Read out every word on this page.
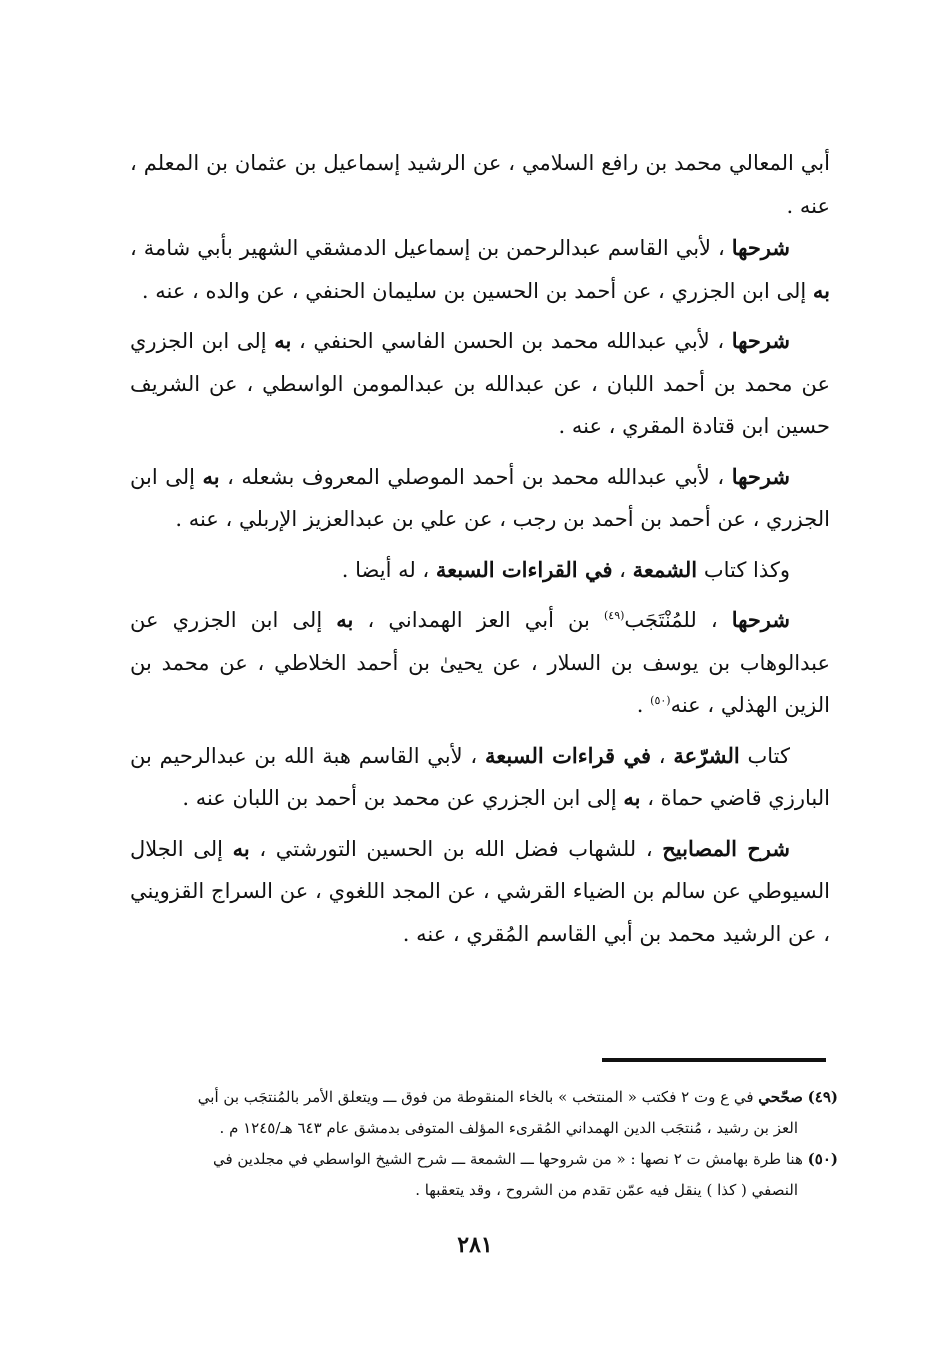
أبي المعالي محمد بن رافع السلامي ، عن الرشيد إسماعيل بن عثمان بن المعلم ، عنه .

شرحها ، لأبي القاسم عبدالرحمن بن إسماعيل الدمشقي الشهير بأبي شامة ، به إلى ابن الجزري ، عن أحمد بن الحسين بن سليمان الحنفي ، عن والده ، عنه .

شرحها ، لأبي عبدالله محمد بن الحسن الفاسي الحنفي ، به إلى ابن الجزري عن محمد بن أحمد اللبان ، عن عبدالله بن عبدالمومن الواسطي ، عن الشريف حسين ابن قتادة المقري ، عنه .

شرحها ، لأبي عبدالله محمد بن أحمد الموصلي المعروف بشعله ، به إلى ابن الجزري ، عن أحمد بن أحمد بن رجب ، عن علي بن عبدالعزيز الإربلي ، عنه .

وكذا كتاب الشمعة ، في القراءات السبعة ، له أيضا .

شرحها ، للمُنْتَجَب$^{(٤٩)}$ بن أبي العز الهمداني ، به إلى ابن الجزري عن عبدالوهاب بن يوسف بن السلار ، عن يحيىٰ بن أحمد الخلاطي ، عن محمد بن الزين الهذلي ، عنه$^{(٥٠)}$ .

كتاب الشرّعة ، في قراءات السبعة ، لأبي القاسم هبة الله بن عبدالرحيم بن البارزي قاضي حماة ، به إلى ابن الجزري عن محمد بن أحمد بن اللبان عنه .

شرح المصابيح ، للشهاب فضل الله بن الحسين التورشتي ، به إلى الجلال السيوطي عن سالم بن الضياء القرشي ، عن المجد اللغوي ، عن السراج القزويني ، عن الرشيد محمد بن أبي القاسم المُقري ، عنه .

(٤٩) صحّحي في ع وت ٢ فكتب « المنتخب » بالخاء المنقوطة من فوق ـــ ويتعلق الأمر بالمُنتجَب بن أبي

العز بن رشيد ، مُنتجَب الدين الهمداني المُقرىء المؤلف المتوفى بدمشق عام ٦٤٣ هـ/١٢٤٥ م .

(٥٠) هنا طرة بهامش ت ٢ نصها : « من شروحها ـــ الشمعة ـــ شرح الشيخ الواسطي في مجلدين في

النصفي ( كذا ) ينقل فيه عمّن تقدم من الشروح ، وقد يتعقبها .

٢٨١
